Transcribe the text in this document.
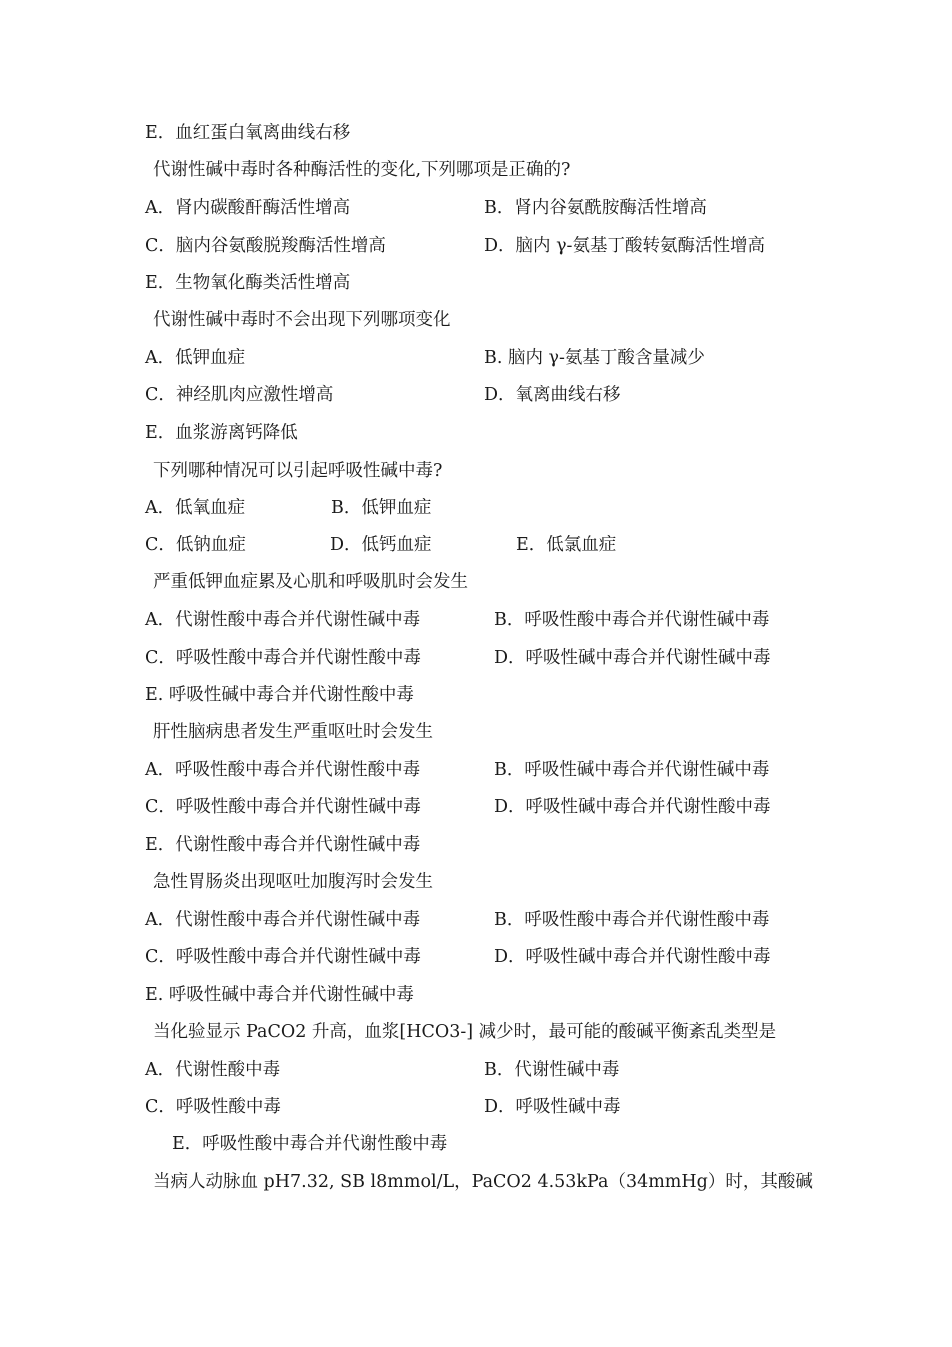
E．血红蛋白氧离曲线右移
代谢性碱中毒时各种酶活性的变化,下列哪项是正确的?
A．肾内碳酸酐酶活性增高	B．肾内谷氨酰胺酶活性增高
C．脑内谷氨酸脱羧酶活性增高	D．脑内 γ-氨基丁酸转氨酶活性增高
E．生物氧化酶类活性增高
代谢性碱中毒时不会出现下列哪项变化
A．低钾血症	B. 脑内 γ-氨基丁酸含量减少
C．神经肌肉应激性增高	D．氧离曲线右移
E．血浆游离钙降低
下列哪种情况可以引起呼吸性碱中毒?
A．低氧血症	B．低钾血症
C．低钠血症	D．低钙血症	E．低氯血症
严重低钾血症累及心肌和呼吸肌时会发生
A．代谢性酸中毒合并代谢性碱中毒	B．呼吸性酸中毒合并代谢性碱中毒
C．呼吸性酸中毒合并代谢性酸中毒	D．呼吸性碱中毒合并代谢性碱中毒
E. 呼吸性碱中毒合并代谢性酸中毒
肝性脑病患者发生严重呕吐时会发生
A．呼吸性酸中毒合并代谢性酸中毒	B．呼吸性碱中毒合并代谢性碱中毒
C．呼吸性酸中毒合并代谢性碱中毒	D．呼吸性碱中毒合并代谢性酸中毒
E．代谢性酸中毒合并代谢性碱中毒
急性胃肠炎出现呕吐加腹泻时会发生
A．代谢性酸中毒合并代谢性碱中毒	B．呼吸性酸中毒合并代谢性酸中毒
C．呼吸性酸中毒合并代谢性碱中毒	D．呼吸性碱中毒合并代谢性酸中毒
E. 呼吸性碱中毒合并代谢性碱中毒
当化验显示 PaCO2 升高，血浆[HCO3-] 减少时，最可能的酸碱平衡紊乱类型是
A．代谢性酸中毒	B．代谢性碱中毒
C．呼吸性酸中毒	D．呼吸性碱中毒
E．呼吸性酸中毒合并代谢性酸中毒
当病人动脉血 pH7.32, SB l8mmol/L，PaCO2 4.53kPa（34mmHg）时，其酸碱
